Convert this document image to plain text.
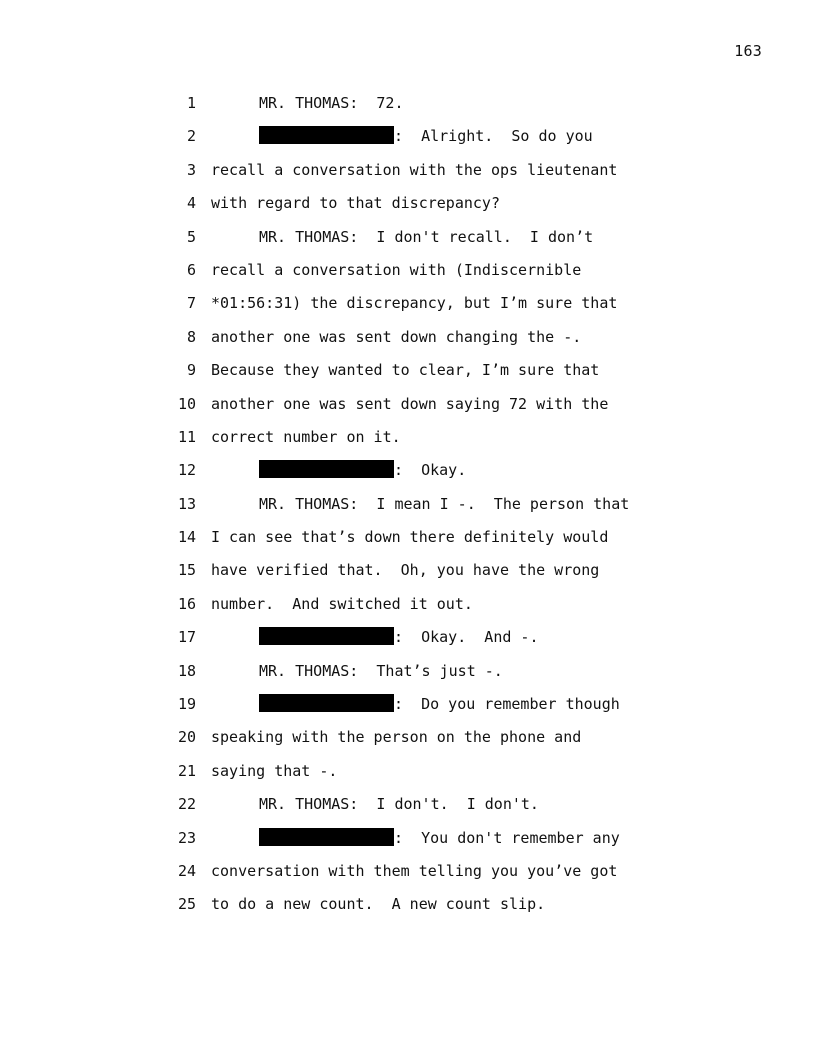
163
1	MR. THOMAS:  72.
2	:  Alright.  So do you
3 recall a conversation with the ops lieutenant
4 with regard to that discrepancy?
5	MR. THOMAS:  I don't recall.  I don’t
6 recall a conversation with (Indiscernible
7 *01:56:31) the discrepancy, but I’m sure that
8 another one was sent down changing the -.
9 Because they wanted to clear, I’m sure that
10 another one was sent down saying 72 with the
11 correct number on it.
12	:  Okay.
13	MR. THOMAS:  I mean I -.  The person that
14 I can see that’s down there definitely would
15 have verified that.  Oh, you have the wrong
16 number.  And switched it out.
17	:  Okay.  And -.
18	MR. THOMAS:  That’s just -.
19	:  Do you remember though
20 speaking with the person on the phone and
21 saying that -.
22	MR. THOMAS:  I don't.  I don't.
23	:  You don't remember any
24 conversation with them telling you you’ve got
25 to do a new count.  A new count slip.
